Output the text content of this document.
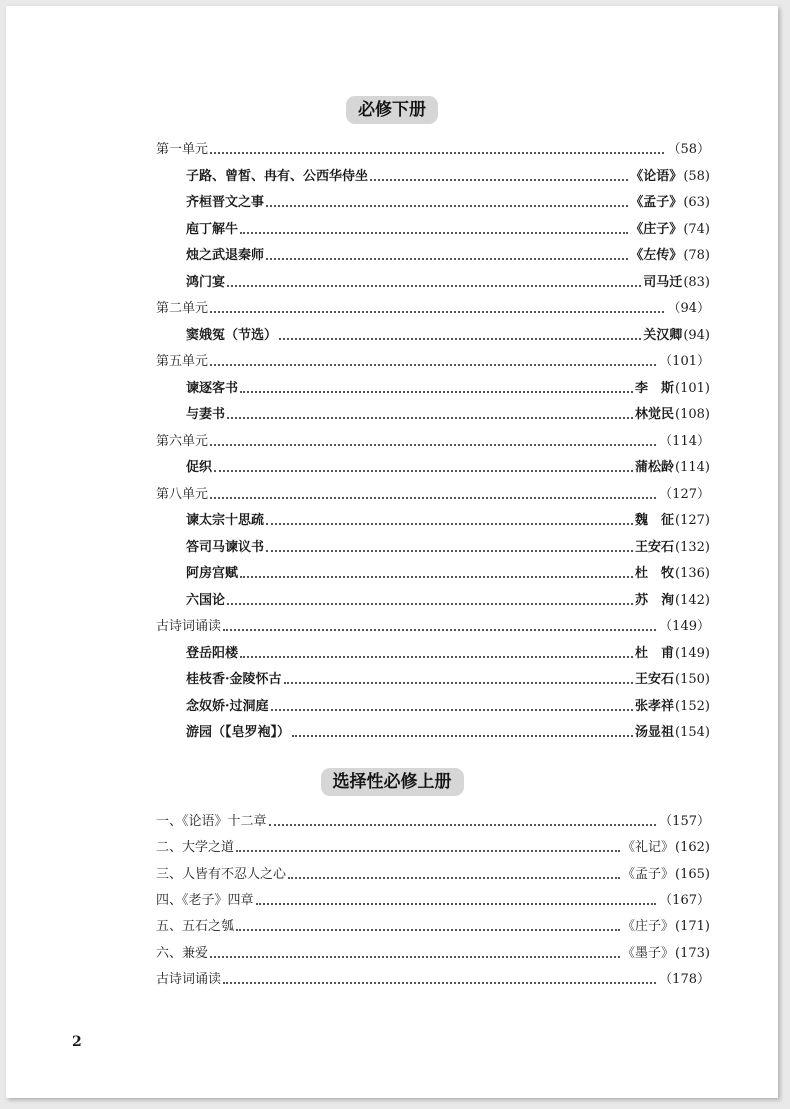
必修下册
第一单元	（58）
子路、曾皙、冉有、公西华侍坐	《论语》 (58)
齐桓晋文之事	《孟子》 (63)
庖丁解牛	《庄子》 (74)
烛之武退秦师	《左传》 (78)
鸿门宴	司马迁 (83)
第二单元	（94）
窦娥冤（节选）	关汉卿 (94)
第五单元	（101）
谏逐客书	李　斯 (101)
与妻书	林觉民 (108)
第六单元	（114）
促织	蒲松龄 (114)
第八单元	（127）
谏太宗十思疏	魏　征 (127)
答司马谏议书	王安石 (132)
阿房宫赋	杜　牧 (136)
六国论	苏　洵 (142)
古诗词诵读	（149）
登岳阳楼	杜　甫 (149)
桂枝香·金陵怀古	王安石 (150)
念奴娇·过洞庭	张孝祥 (152)
游园（【皂罗袍】）	汤显祖 (154)
选择性必修上册
一、《论语》十二章	（157）
二、大学之道	《礼记》 (162)
三、人皆有不忍人之心	《孟子》 (165)
四、《老子》四章	（167）
五、五石之瓠	《庄子》 (171)
六、兼爱	《墨子》 (173)
古诗词诵读	（178）
2
